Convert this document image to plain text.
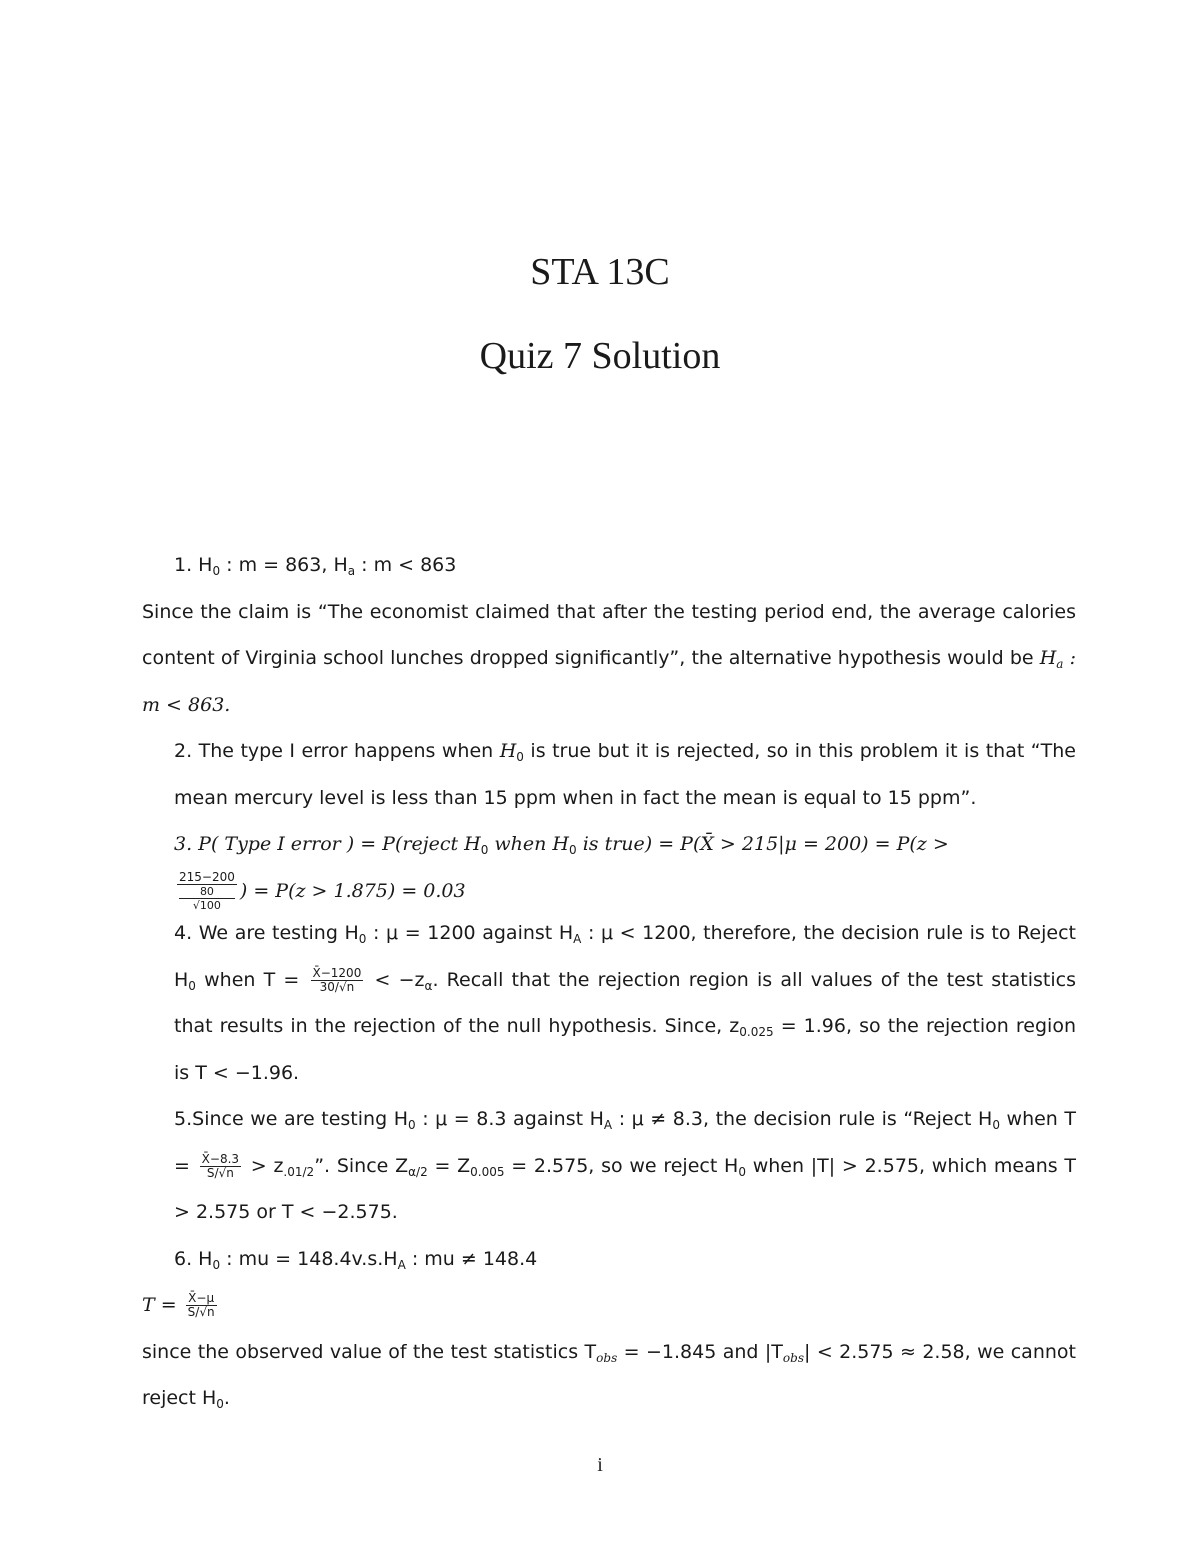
STA 13C
Quiz 7 Solution

1. $H_0$ : m = 863, $H_a$ : m < 863

Since the claim is “The economist claimed that after the testing period end, the average calories content of Virginia school lunches dropped significantly”, the alternative hypothesis would be $H_a$ : m < 863.

2. The type I error happens when $H_0$ is true but it is rejected, so in this problem it is that “The mean mercury level is less than 15 ppm when in fact the mean is equal to 15 ppm”.

3. P( Type I error ) = P(reject $H_0$ when $H_0$ is true) = P(X̄ > 215|μ = 200) = P(z >

215−200
80
√100 ) = P(z > 1.875) = 0.03

4. We are testing $H_0$ : μ = 1200 against $H_A$ : μ < 1200, therefore, the decision rule is to Reject $H_0$ when $T = \frac{X̄-1200}{30/√n} < -z_\alpha$. Recall that the rejection region is all values of the test statistics that results in the rejection of the null hypothesis. Since, $z_{0.025} = 1.96$, so the rejection region is T < −1.96.

5.Since we are testing $H_0$ : μ = 8.3 against $H_A$ : μ ≠ 8.3, the decision rule is “Reject $H_0$ when $T = \frac{X̄-8.3}{S/√n} > z_{.01/2}$”. Since $Z_{\alpha/2} = Z_{0.005} = 2.575$, so we reject $H_0$ when |T| > 2.575, which means T > 2.575 or T < −2.575.

6. $H_0$ : mu = $148.4v.s.H_A$ : mu ≠ 148.4

$T = \frac{X̄-\mu}{S/√n}$

since the observed value of the test statistics $T_{obs} = -1.845$ and $|T_{obs}| < 2.575 \approx 2.58$, we cannot reject $H_0$.

i
